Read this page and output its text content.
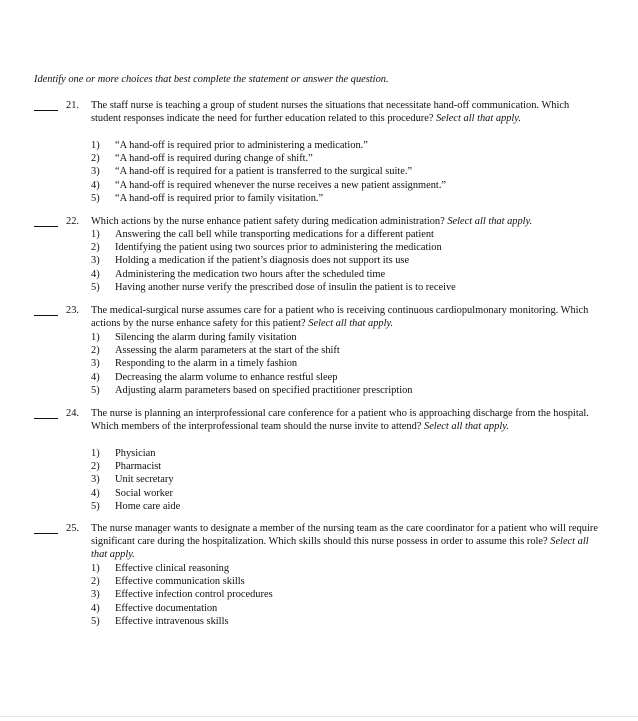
Identify one or more choices that best complete the statement or answer the question.
21.	The staff nurse is teaching a group of student nurses the situations that necessitate hand-off communication. Which student responses indicate the need for further education related to this procedure? Select all that apply.
1)	“A hand-off is required prior to administering a medication.”
2)	“A hand-off is required during change of shift.”
3)	“A hand-off is required for a patient is transferred to the surgical suite.”
4)	“A hand-off is required whenever the nurse receives a new patient assignment.”
5)	“A hand-off is required prior to family visitation.”
22.	Which actions by the nurse enhance patient safety during medication administration? Select all that apply.
1)	Answering the call bell while transporting medications for a different patient
2)	Identifying the patient using two sources prior to administering the medication
3)	Holding a medication if the patient’s diagnosis does not support its use
4)	Administering the medication two hours after the scheduled time
5)	Having another nurse verify the prescribed dose of insulin the patient is to receive
23.	The medical-surgical nurse assumes care for a patient who is receiving continuous cardiopulmonary monitoring. Which actions by the nurse enhance safety for this patient? Select all that apply.
1)	Silencing the alarm during family visitation
2)	Assessing the alarm parameters at the start of the shift
3)	Responding to the alarm in a timely fashion
4)	Decreasing the alarm volume to enhance restful sleep
5)	Adjusting alarm parameters based on specified practitioner prescription
24.	The nurse is planning an interprofessional care conference for a patient who is approaching discharge from the hospital. Which members of the interprofessional team should the nurse invite to attend? Select all that apply.
1)	Physician
2)	Pharmacist
3)	Unit secretary
4)	Social worker
5)	Home care aide
25.	The nurse manager wants to designate a member of the nursing team as the care coordinator for a patient who will require significant care during the hospitalization. Which skills should this nurse possess in order to assume this role? Select all that apply.
1)	Effective clinical reasoning
2)	Effective communication skills
3)	Effective infection control procedures
4)	Effective documentation
5)	Effective intravenous skills
